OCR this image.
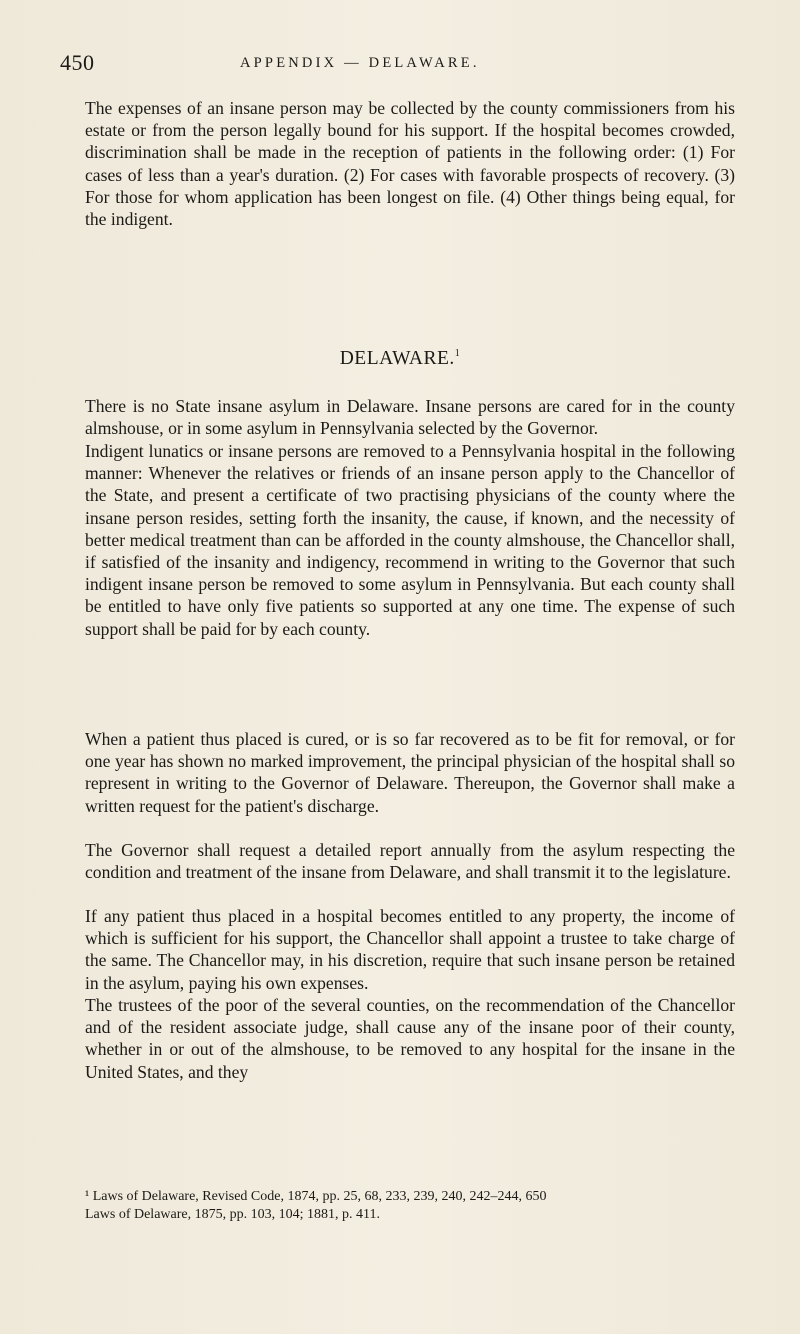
450	APPENDIX — DELAWARE.

The expenses of an insane person may be collected by the county commissioners from his estate or from the person legally bound for his support. If the hospital becomes crowded, discrimination shall be made in the reception of patients in the following order: (1) For cases of less than a year's duration. (2) For cases with favorable prospects of recovery. (3) For those for whom application has been longest on file. (4) Other things being equal, for the indigent.

DELAWARE.$^1$

There is no State insane asylum in Delaware. Insane persons are cared for in the county almshouse, or in some asylum in Pennsylvania selected by the Governor.

Indigent lunatics or insane persons are removed to a Pennsylvania hospital in the following manner: Whenever the relatives or friends of an insane person apply to the Chancellor of the State, and present a certificate of two practising physicians of the county where the insane person resides, setting forth the insanity, the cause, if known, and the necessity of better medical treatment than can be afforded in the county almshouse, the Chancellor shall, if satisfied of the insanity and indigency, recommend in writing to the Governor that such indigent insane person be removed to some asylum in Pennsylvania. But each county shall be entitled to have only five patients so supported at any one time. The expense of such support shall be paid for by each county.

When a patient thus placed is cured, or is so far recovered as to be fit for removal, or for one year has shown no marked improvement, the principal physician of the hospital shall so represent in writing to the Governor of Delaware. Thereupon, the Governor shall make a written request for the patient's discharge.

The Governor shall request a detailed report annually from the asylum respecting the condition and treatment of the insane from Delaware, and shall transmit it to the legislature.

If any patient thus placed in a hospital becomes entitled to any property, the income of which is sufficient for his support, the Chancellor shall appoint a trustee to take charge of the same. The Chancellor may, in his discretion, require that such insane person be retained in the asylum, paying his own expenses.

The trustees of the poor of the several counties, on the recommendation of the Chancellor and of the resident associate judge, shall cause any of the insane poor of their county, whether in or out of the almshouse, to be removed to any hospital for the insane in the United States, and they

¹ Laws of Delaware, Revised Code, 1874, pp. 25, 68, 233, 239, 240, 242–244, 650
Laws of Delaware, 1875, pp. 103, 104; 1881, p. 411.
